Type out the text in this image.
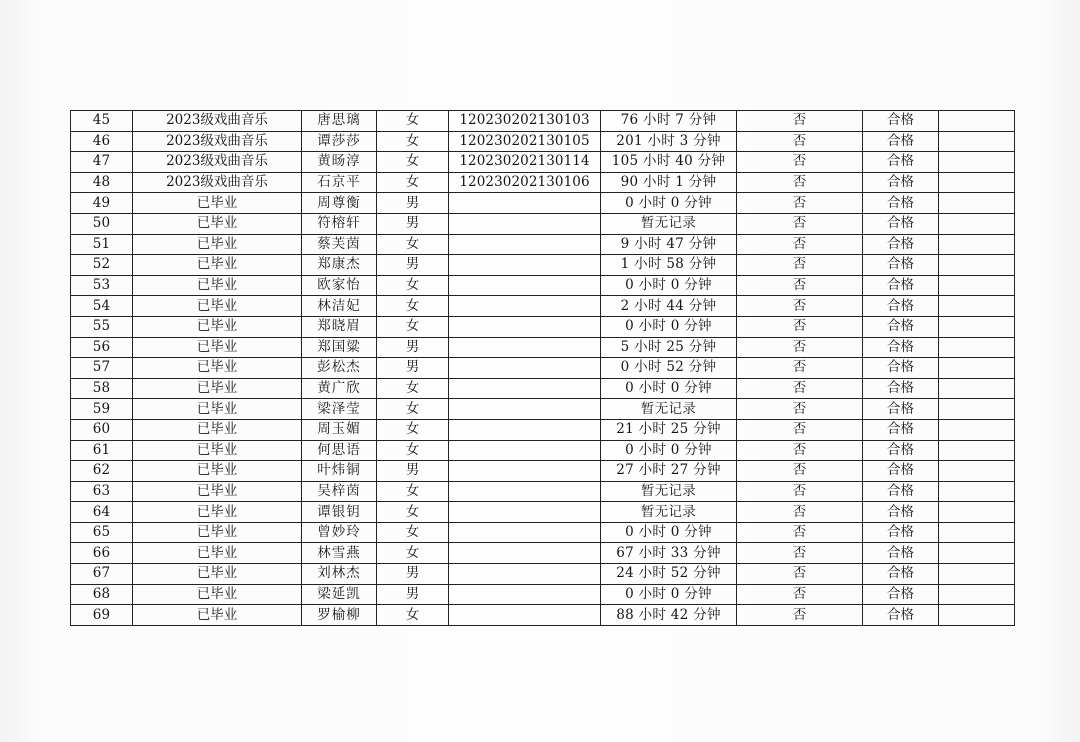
45	2023级戏曲音乐	唐思璃	女	120230202130103	76 小时 7 分钟	否	合格	
46	2023级戏曲音乐	谭莎莎	女	120230202130105	201 小时 3 分钟	否	合格	
47	2023级戏曲音乐	黄旸淳	女	120230202130114	105 小时 40 分钟	否	合格	
48	2023级戏曲音乐	石京平	女	120230202130106	90 小时 1 分钟	否	合格	
49	已毕业	周尊衡	男		0 小时 0 分钟	否	合格	
50	已毕业	符榕轩	男		暂无记录	否	合格	
51	已毕业	蔡芙茵	女		9 小时 47 分钟	否	合格	
52	已毕业	郑康杰	男		1 小时 58 分钟	否	合格	
53	已毕业	欧家怡	女		0 小时 0 分钟	否	合格	
54	已毕业	林洁妃	女		2 小时 44 分钟	否	合格	
55	已毕业	郑晓眉	女		0 小时 0 分钟	否	合格	
56	已毕业	郑国粱	男		5 小时 25 分钟	否	合格	
57	已毕业	彭松杰	男		0 小时 52 分钟	否	合格	
58	已毕业	黄广欣	女		0 小时 0 分钟	否	合格	
59	已毕业	梁泽莹	女		暂无记录	否	合格	
60	已毕业	周玉媚	女		21 小时 25 分钟	否	合格	
61	已毕业	何思语	女		0 小时 0 分钟	否	合格	
62	已毕业	叶炜铜	男		27 小时 27 分钟	否	合格	
63	已毕业	吴梓茵	女		暂无记录	否	合格	
64	已毕业	谭银钥	女		暂无记录	否	合格	
65	已毕业	曾妙玲	女		0 小时 0 分钟	否	合格	
66	已毕业	林雪燕	女		67 小时 33 分钟	否	合格	
67	已毕业	刘林杰	男		24 小时 52 分钟	否	合格	
68	已毕业	梁延凯	男		0 小时 0 分钟	否	合格	
69	已毕业	罗榆柳	女		88 小时 42 分钟	否	合格	
